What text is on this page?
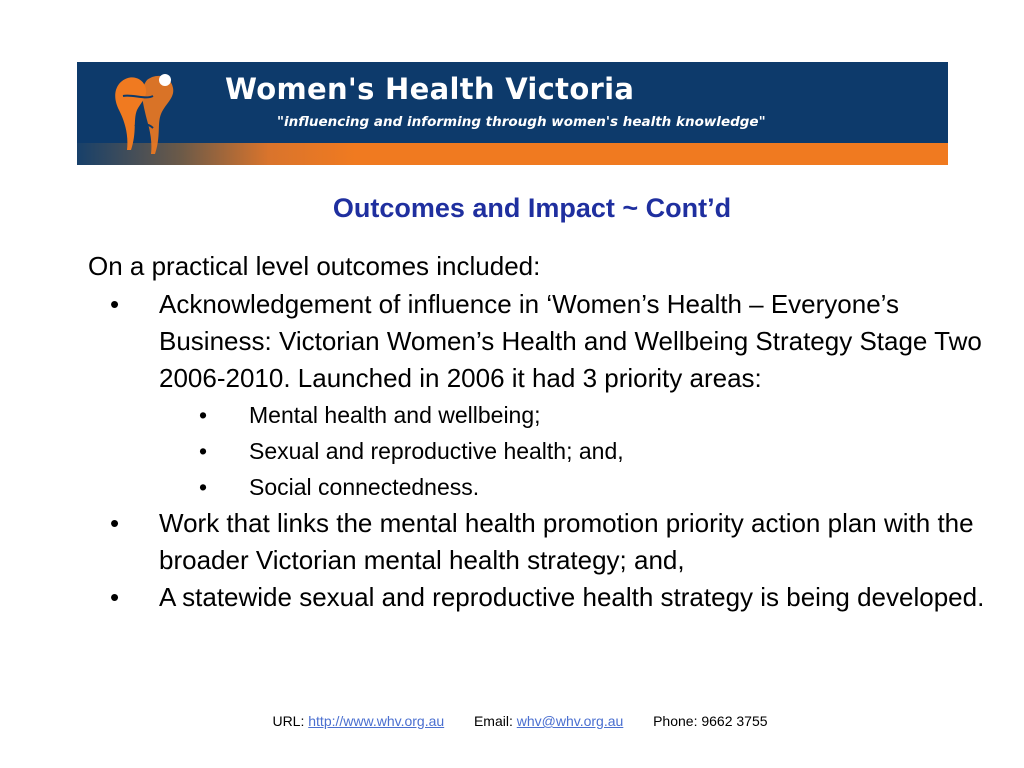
Women's Health Victoria
"influencing and informing through women's health knowledge"
Outcomes and Impact ~ Cont’d
On a practical level outcomes included:
• Acknowledgement of influence in ‘Women’s Health – Everyone’s Business: Victorian Women’s Health and Wellbeing Strategy Stage Two 2006-2010. Launched in 2006 it had 3 priority areas:
• Mental health and wellbeing;
• Sexual and reproductive health; and,
• Social connectedness.
• Work that links the mental health promotion priority action plan with the broader Victorian mental health strategy; and,
• A statewide sexual and reproductive health strategy is being developed.
URL: http://www.whv.org.au Email: whv@whv.org.au Phone: 9662 3755
